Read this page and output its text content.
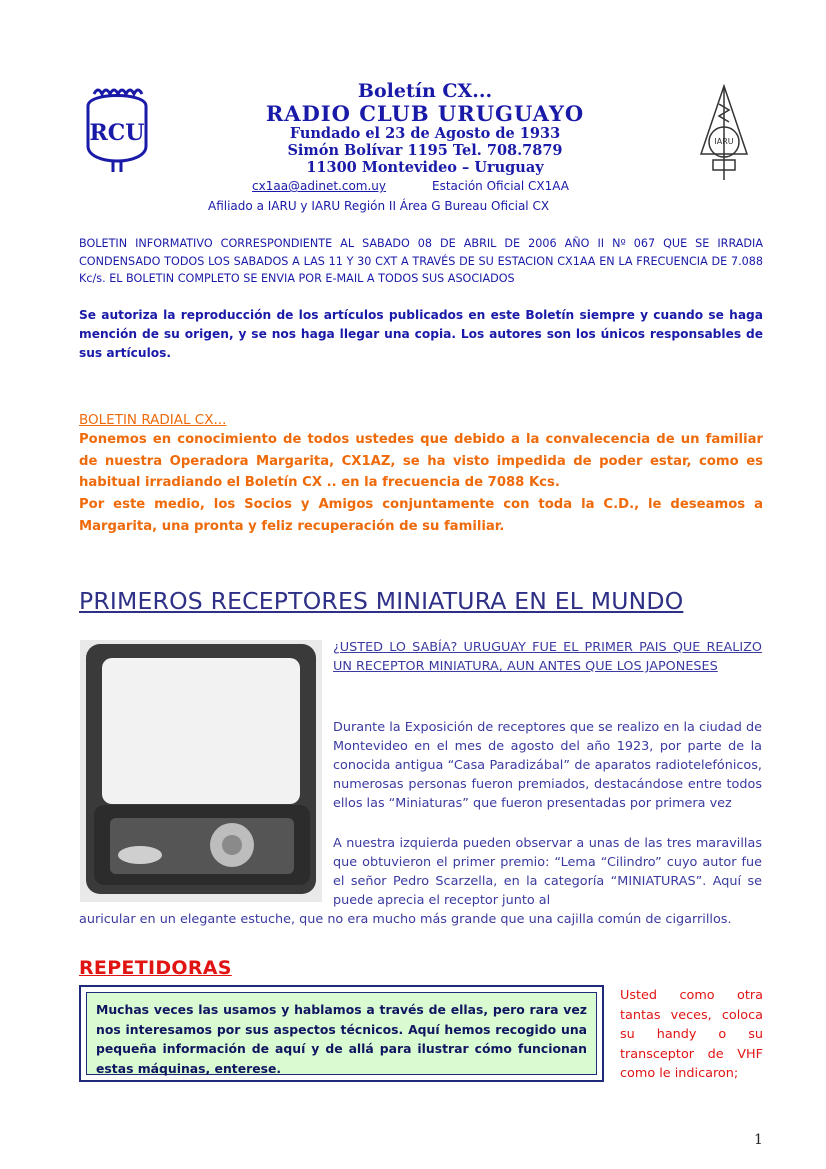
RCU	IARU
Boletín CX...
RADIO CLUB URUGUAYO
Fundado el 23 de Agosto de 1933
Simón Bolívar 1195 Tel. 708.7879
11300 Montevideo – Uruguay
cx1aa@adinet.com.uy	Estación Oficial CX1AA
Afiliado a IARU y IARU Región II Área G Bureau Oficial CX
BOLETIN INFORMATIVO CORRESPONDIENTE AL SABADO 08 DE ABRIL DE 2006 AÑO II Nº 067 QUE SE IRRADIA CONDENSADO TODOS LOS SABADOS A LAS 11 Y 30 CXT A TRAVÉS DE SU ESTACION CX1AA EN LA FRECUENCIA DE 7.088 Kc/s. EL BOLETIN COMPLETO SE ENVIA POR E-MAIL A TODOS SUS ASOCIADOS
Se autoriza la reproducción de los artículos publicados en este Boletín siempre y cuando se haga mención de su origen, y se nos haga llegar una copia. Los autores son los únicos responsables de sus artículos.
BOLETIN RADIAL CX...
Ponemos en conocimiento de todos ustedes que debido a la convalecencia de un familiar de nuestra Operadora Margarita, CX1AZ, se ha visto impedida de poder estar, como es habitual irradiando el Boletín CX .. en la frecuencia de 7088 Kcs.
Por este medio, los Socios y Amigos conjuntamente con toda la C.D., le deseamos a Margarita, una pronta y feliz recuperación de su familiar.
PRIMEROS RECEPTORES MINIATURA EN EL MUNDO
¿USTED LO SABÍA? URUGUAY FUE EL PRIMER PAIS QUE REALIZO UN RECEPTOR MINIATURA, AUN ANTES QUE LOS JAPONESES
Durante la Exposición de receptores que se realizo en la ciudad de Montevideo en el mes de agosto del año 1923, por parte de la conocida antigua “Casa Paradizábal” de aparatos radiotelefónicos, numerosas personas fueron premiados, destacándose entre todos ellos las “Miniaturas” que fueron presentadas por primera vez
A nuestra izquierda pueden observar a unas de las tres maravillas que obtuvieron el primer premio: “Lema “Cilindro” cuyo autor fue el señor Pedro Scarzella, en la categoría “MINIATURAS”. Aquí se puede aprecia el receptor junto al
auricular en un elegante estuche, que no era mucho más grande que una cajilla común de cigarrillos.
REPETIDORAS
Muchas veces las usamos y hablamos a través de ellas, pero rara vez nos interesamos por sus aspectos técnicos. Aquí hemos recogido una pequeña información de aquí y de allá para ilustrar cómo funcionan estas máquinas, enterese.
Usted como otra tantas veces, coloca su handy o su transceptor de VHF como le indicaron;
1
